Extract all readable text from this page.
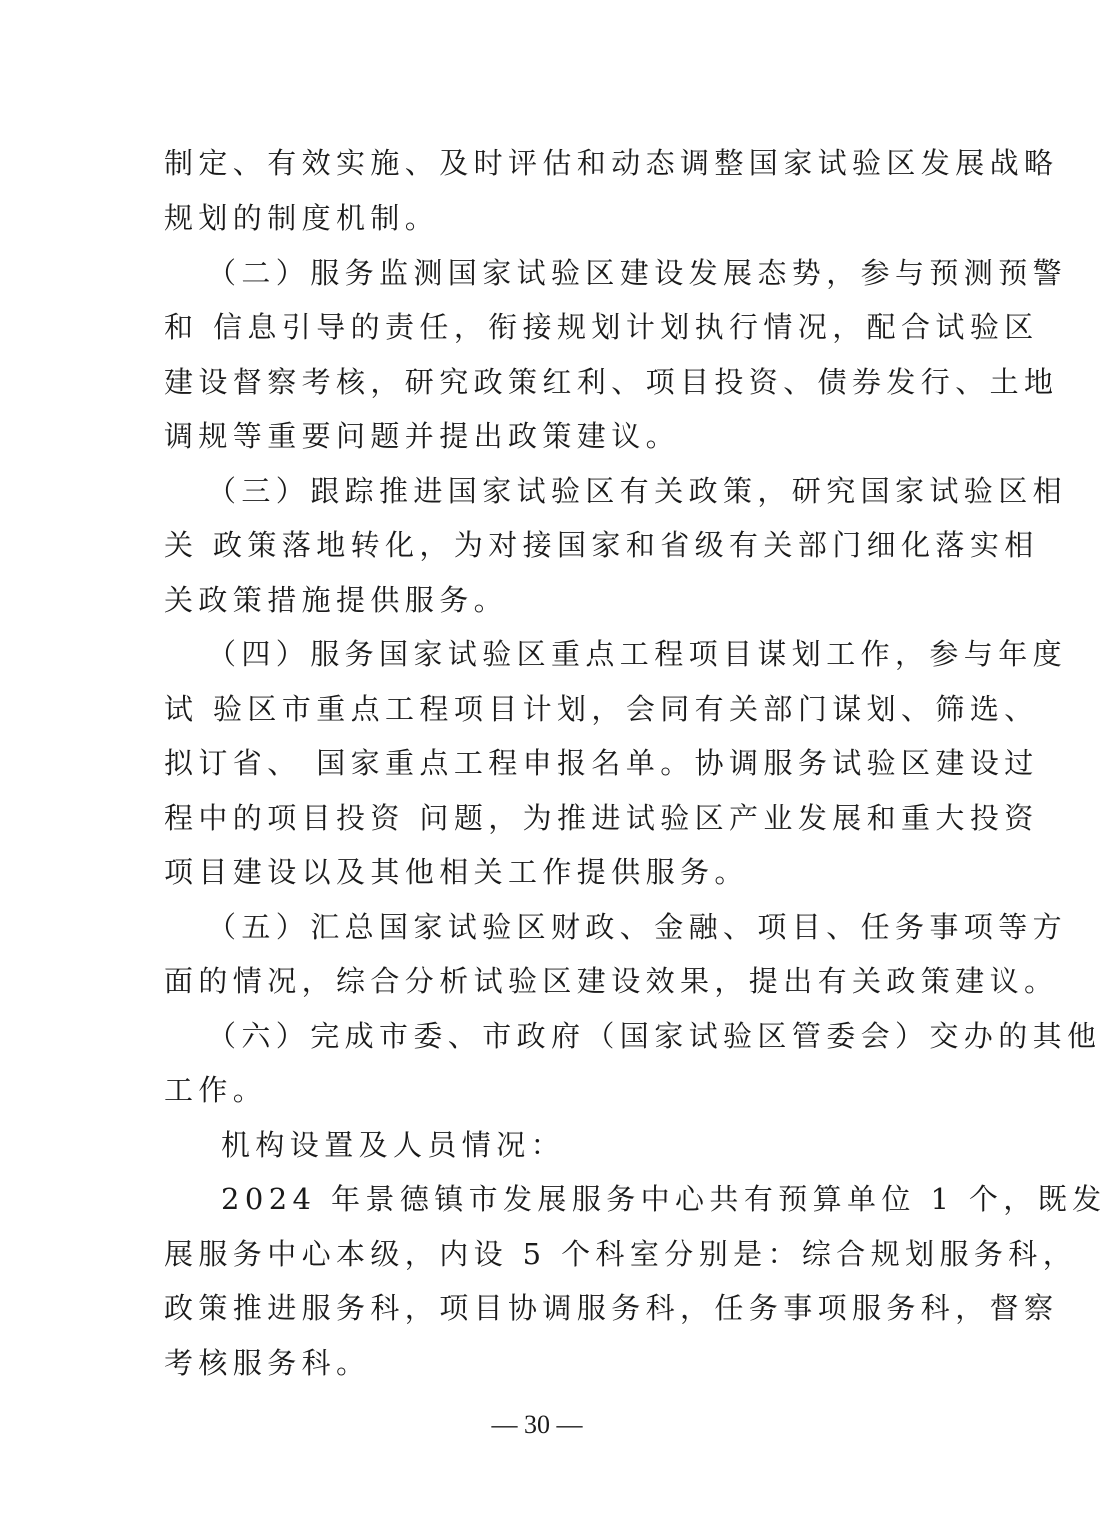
制定、有效实施、及时评估和动态调整国家试验区发展战略
规划的制度机制。
（二）服务监测国家试验区建设发展态势，参与预测预警
和 信息引导的责任，衔接规划计划执行情况，配合试验区
建设督察考核，研究政策红利、项目投资、债券发行、土地
调规等重要问题并提出政策建议。
（三）跟踪推进国家试验区有关政策，研究国家试验区相
关 政策落地转化，为对接国家和省级有关部门细化落实相
关政策措施提供服务。
（四）服务国家试验区重点工程项目谋划工作，参与年度
试 验区市重点工程项目计划，会同有关部门谋划、筛选、
拟订省、 国家重点工程申报名单。协调服务试验区建设过
程中的项目投资 问题，为推进试验区产业发展和重大投资
项目建设以及其他相关工作提供服务。
（五）汇总国家试验区财政、金融、项目、任务事项等方
面的情况，综合分析试验区建设效果，提出有关政策建议。
（六）完成市委、市政府（国家试验区管委会）交办的其他
工作。
机构设置及人员情况：
2024 年景德镇市发展服务中心共有预算单位 1 个，既发
展服务中心本级，内设 5 个科室分别是：综合规划服务科，
政策推进服务科，项目协调服务科，任务事项服务科，督察
考核服务科。
— 30 —
